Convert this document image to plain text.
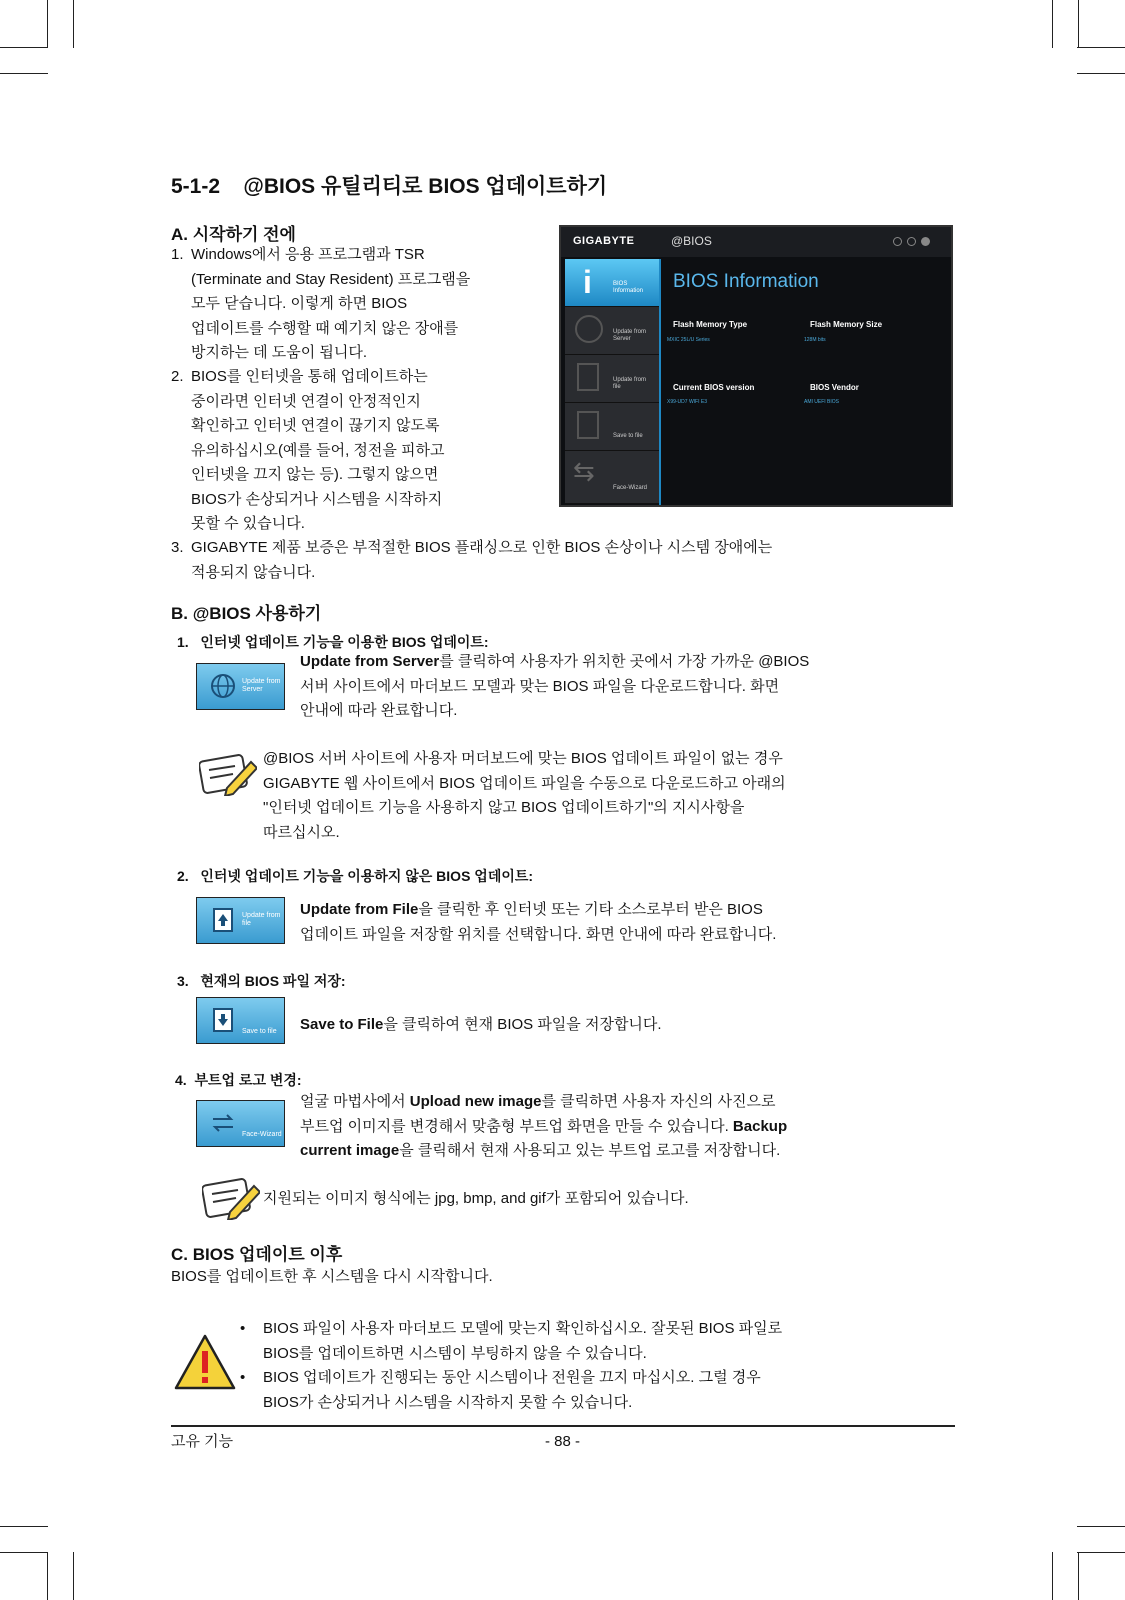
5-1-2    @BIOS 유틸리티로 BIOS 업데이트하기
A. 시작하기 전에
1. Windows에서 응용 프로그램과 TSR
(Terminate and Stay Resident) 프로그램을
모두 닫습니다. 이렇게 하면 BIOS
업데이트를 수행할 때 예기치 않은 장애를
방지하는 데 도움이 됩니다.
2. BIOS를 인터넷을 통해 업데이트하는
중이라면 인터넷 연결이 안정적인지
확인하고 인터넷 연결이 끊기지 않도록
유의하십시오(예를 들어, 정전을 피하고
인터넷을 끄지 않는 등). 그렇지 않으면
BIOS가 손상되거나 시스템을 시작하지
못할 수 있습니다.
3. GIGABYTE 제품 보증은 부적절한 BIOS 플래싱으로 인한 BIOS 손상이나 시스템 장애에는
적용되지 않습니다.
GIGABYTE	@BIOS
i	BIOS Information
Update from Server
Update from file
Save to file
⇆
Face-Wizard
BIOS Information
Flash Memory Type
MXIC 25L/U Series
Flash Memory Size
128M bits
Current BIOS version
X99-UD7 WIFI E3
BIOS Vendor
AMI UEFI BIOS
B. @BIOS 사용하기
1.   인터넷 업데이트 기능을 이용한 BIOS 업데이트:
Update from Server
Update from Server를 클릭하여 사용자가 위치한 곳에서 가장 가까운 @BIOS
서버 사이트에서 마더보드 모델과 맞는 BIOS 파일을 다운로드합니다. 화면
안내에 따라 완료합니다.
@BIOS 서버 사이트에 사용자 머더보드에 맞는 BIOS 업데이트 파일이 없는 경우
GIGABYTE 웹 사이트에서 BIOS 업데이트 파일을 수동으로 다운로드하고 아래의
"인터넷 업데이트 기능을 사용하지 않고 BIOS 업데이트하기"의 지시사항을
따르십시오.
2.   인터넷 업데이트 기능을 이용하지 않은 BIOS 업데이트:
Update from file
Update from File을 클릭한 후 인터넷 또는 기타 소스로부터 받은 BIOS
업데이트 파일을 저장할 위치를 선택합니다. 화면 안내에 따라 완료합니다.
3.   현재의 BIOS 파일 저장:
Save to file Save to File을 클릭하여 현재 BIOS 파일을 저장합니다.
4.  부트업 로고 변경:
Face-Wizard
얼굴 마법사에서 Upload new image를 클릭하면 사용자 자신의 사진으로
부트업 이미지를 변경해서 맞춤형 부트업 화면을 만들 수 있습니다. Backup
current image을 클릭해서 현재 사용되고 있는 부트업 로고를 저장합니다.
지원되는 이미지 형식에는 jpg, bmp, and gif가 포함되어 있습니다.
C. BIOS 업데이트 이후
BIOS를 업데이트한 후 시스템을 다시 시작합니다.
• BIOS 파일이 사용자 마더보드 모델에 맞는지 확인하십시오. 잘못된 BIOS 파일로
BIOS를 업데이트하면 시스템이 부팅하지 않을 수 있습니다.
• BIOS 업데이트가 진행되는 동안 시스템이나 전원을 끄지 마십시오. 그럴 경우
BIOS가 손상되거나 시스템을 시작하지 못할 수 있습니다.
고유 기능	- 88 -
